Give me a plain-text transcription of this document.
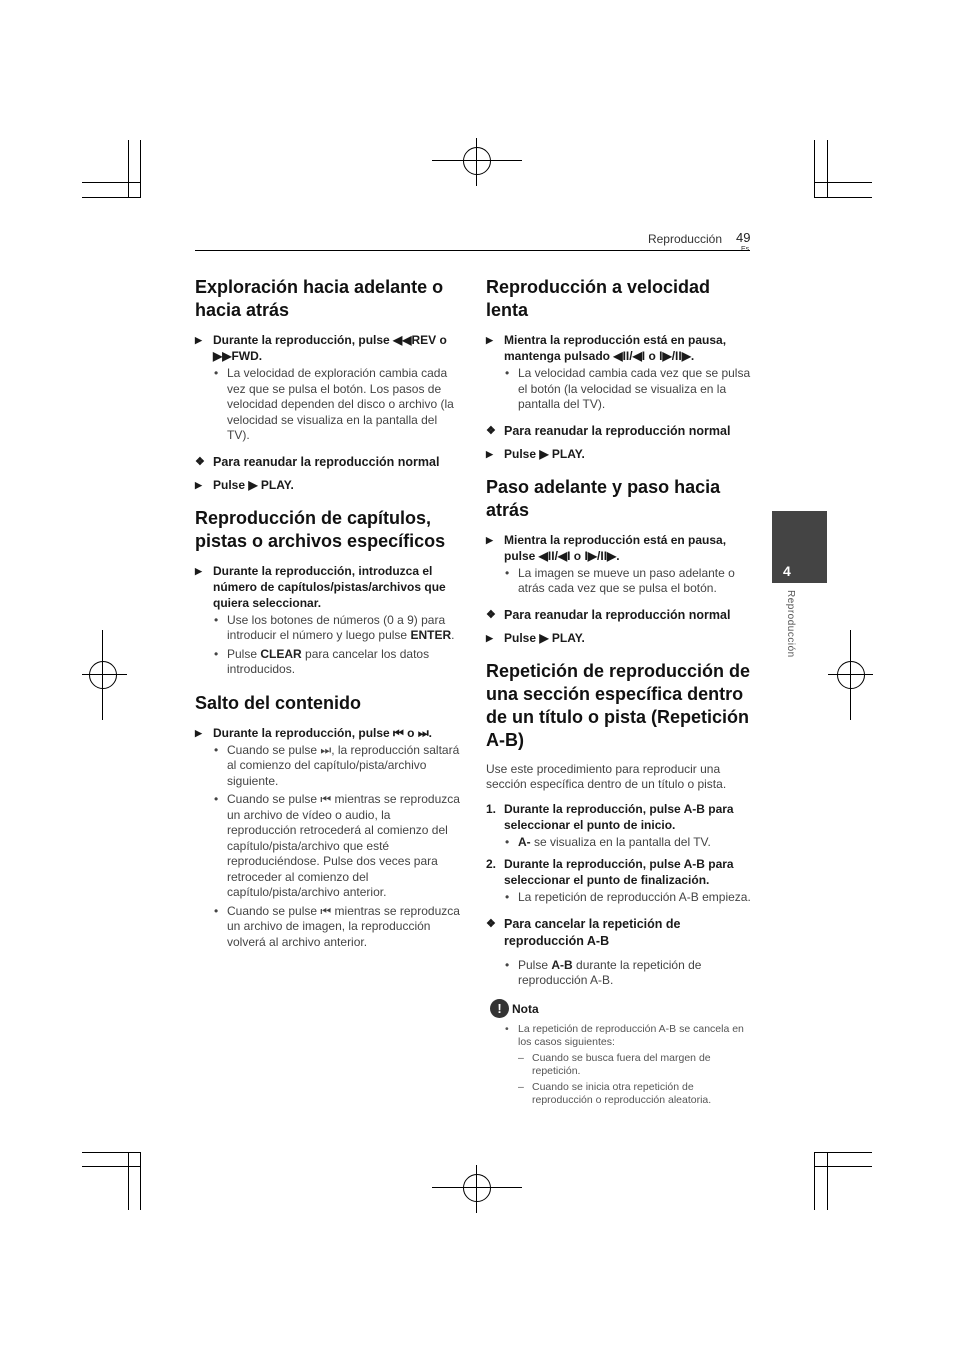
Reproducción 49
4
Reproducción
Exploración hacia adelante o hacia atrás
▶ Durante la reproducción, pulse ◀◀REV o ▶▶FWD.
• La velocidad de exploración cambia cada vez que se pulsa el botón. Los pasos de velocidad dependen del disco o archivo (la velocidad se visualiza en la pantalla del TV).
❖ Para reanudar la reproducción normal
▶ Pulse ▶ PLAY.
Reproducción de capítulos, pistas o archivos específicos
▶ Durante la reproducción, introduzca el número de capítulos/pistas/archivos que quiera seleccionar.
• Use los botones de números (0 a 9) para introducir el número y luego pulse ENTER.
• Pulse CLEAR para cancelar los datos introducidos.
Salto del contenido
▶ Durante la reproducción, pulse ⏮ o ⏭.
• Cuando se pulse ⏭, la reproducción saltará al comienzo del capítulo/pista/archivo siguiente.
• Cuando se pulse ⏮ mientras se reproduzca un archivo de vídeo o audio, la reproducción retrocederá al comienzo del capítulo/pista/archivo que esté reproduciéndose. Pulse dos veces para retroceder al comienzo del capítulo/pista/archivo anterior.
• Cuando se pulse ⏮ mientras se reproduzca un archivo de imagen, la reproducción volverá al archivo anterior.
Reproducción a velocidad lenta
▶ Mientra la reproducción está en pausa, mantenga pulsado ◀II/◀I o I▶/II▶.
• La velocidad cambia cada vez que se pulsa el botón (la velocidad se visualiza en la pantalla del TV).
❖ Para reanudar la reproducción normal
▶ Pulse ▶ PLAY.
Paso adelante y paso hacia atrás
▶ Mientra la reproducción está en pausa, pulse ◀II/◀I o I▶/II▶.
• La imagen se mueve un paso adelante o atrás cada vez que se pulsa el botón.
❖ Para reanudar la reproducción normal
▶ Pulse ▶ PLAY.
Repetición de reproducción de una sección específica dentro de un título o pista (Repetición A-B)
Use este procedimiento para reproducir una sección específica dentro de un título o pista.
1. Durante la reproducción, pulse A-B para seleccionar el punto de inicio.
• A- se visualiza en la pantalla del TV.
2. Durante la reproducción, pulse A-B para seleccionar el punto de finalización.
• La repetición de reproducción A-B empieza.
❖ Para cancelar la repetición de reproducción A-B
• Pulse A-B durante la repetición de reproducción A-B.
! Nota
• La repetición de reproducción A-B se cancela en los casos siguientes:
– Cuando se busca fuera del margen de repetición.
– Cuando se inicia otra repetición de reproducción o reproducción aleatoria.
